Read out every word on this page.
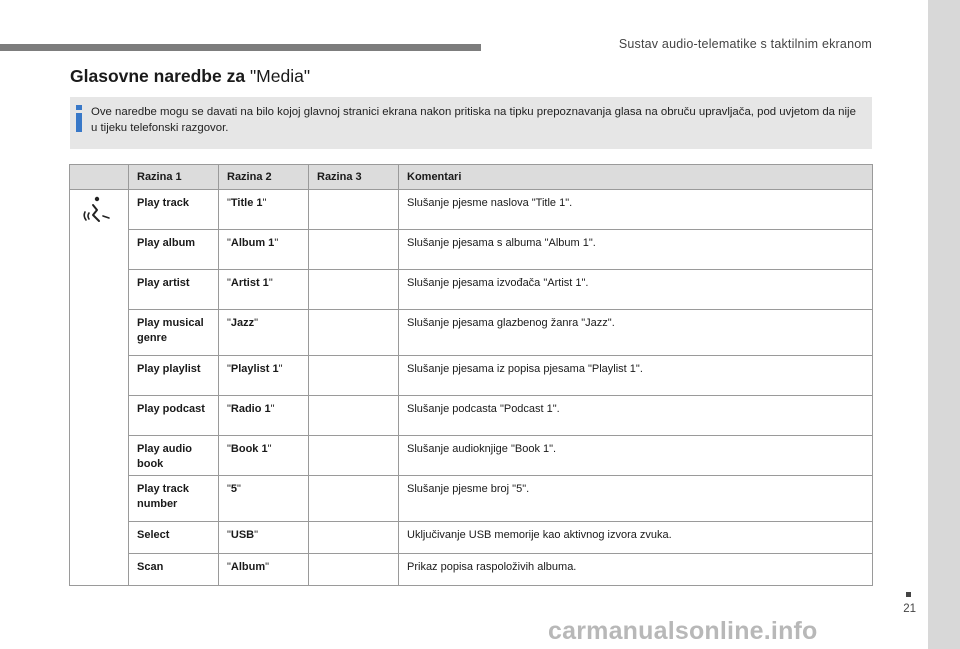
Sustav audio-telematike s taktilnim ekranom
Glasovne naredbe za "Media"
Ove naredbe mogu se davati na bilo kojoj glavnoj stranici ekrana nakon pritiska na tipku prepoznavanja glasa na obruču upravljača, pod uvjetom da nije u tijeku telefonski razgovor.
	Razina 1	Razina 2	Razina 3	Komentari
	Play track	"Title 1"		Slušanje pjesme naslova "Title 1".
	Play album	"Album 1"		Slušanje pjesama s albuma "Album 1".
	Play artist	"Artist 1"		Slušanje pjesama izvođača "Artist 1".
	Play musical genre	"Jazz"		Slušanje pjesama glazbenog žanra "Jazz".
	Play playlist	"Playlist 1"		Slušanje pjesama iz popisa pjesama "Playlist 1".
	Play podcast	"Radio 1"		Slušanje podcasta "Podcast 1".
	Play audio book	"Book 1"		Slušanje audioknjige "Book 1".
	Play track number	"5"		Slušanje pjesme broj "5".
	Select	"USB"		Uključivanje USB memorije kao aktivnog izvora zvuka.
	Scan	"Album"		Prikaz popisa raspoloživih albuma.
21
carmanualsonline.info
